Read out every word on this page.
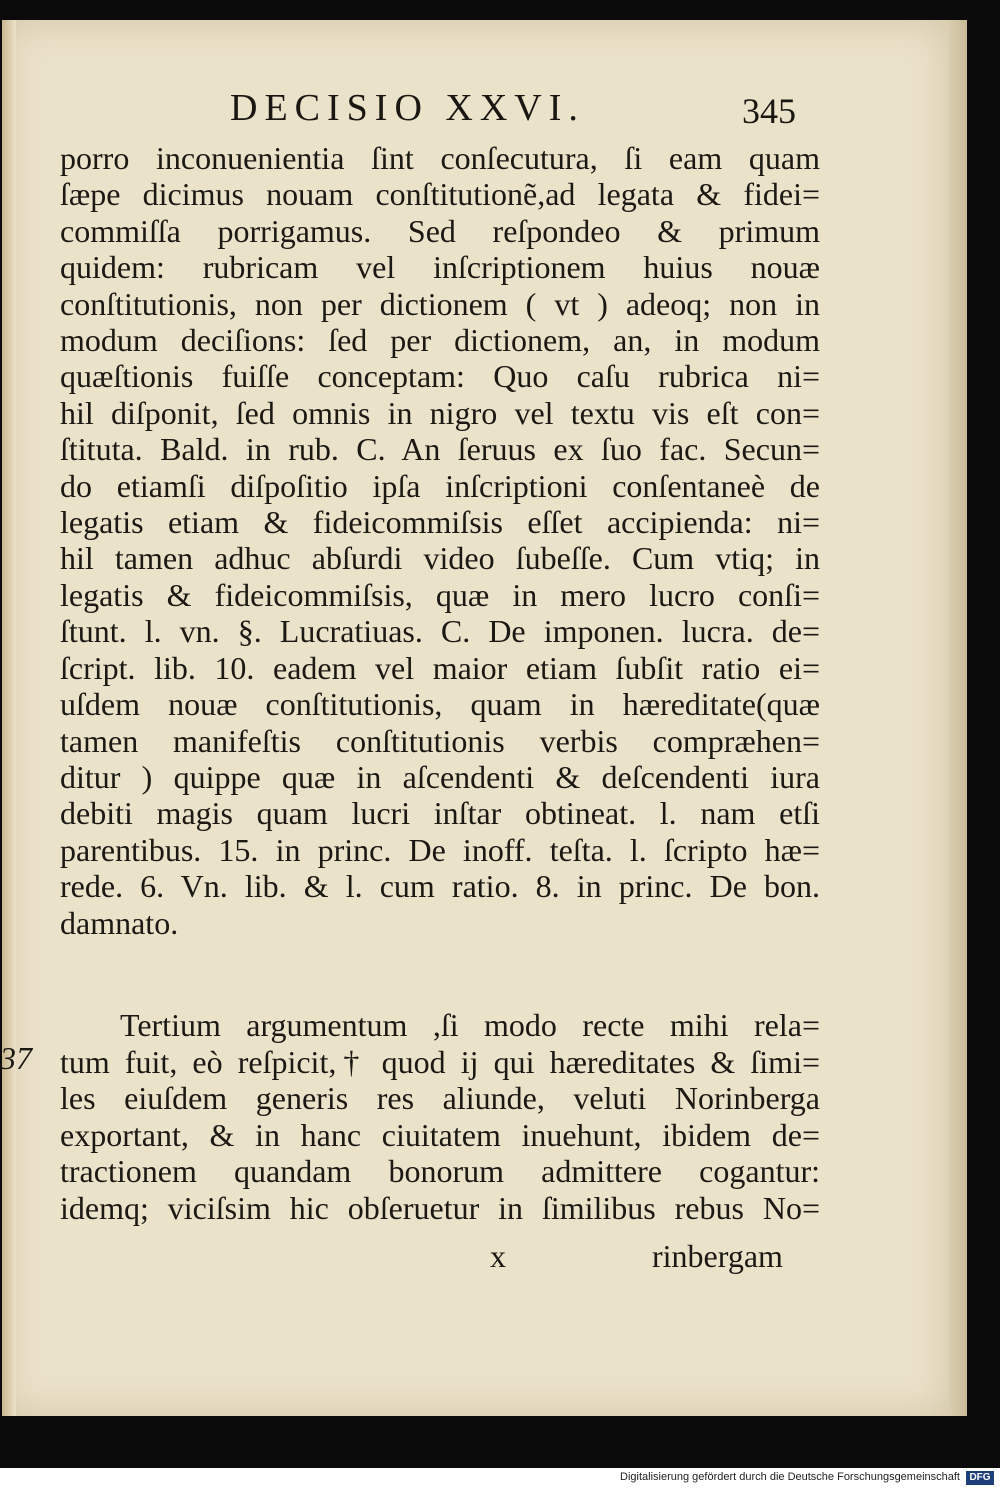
DECISIO XXVI.	345
porro inconuenientia ſint conſecutura, ſi eam quam
ſæpe dicimus nouam conſtitutionẽ,ad legata & fidei=
commiſſa porrigamus. Sed reſpondeo & primum
quidem: rubricam vel inſcriptionem huius nouæ
conſtitutionis, non per dictionem ( vt ) adeoq; non in
modum deciſions: ſed per dictionem, an, in modum
quæſtionis fuiſſe conceptam: Quo caſu rubrica ni=
hil diſponit, ſed omnis in nigro vel textu vis eſt con=
ſtituta. Bald. in rub. C. An ſeruus ex ſuo fac. Secun=
do etiamſi diſpoſitio ipſa inſcriptioni conſentaneè de
legatis etiam & fideicommiſsis eſſet accipienda: ni=
hil tamen adhuc abſurdi video ſubeſſe. Cum vtiq; in
legatis & fideicommiſsis, quæ in mero lucro conſi=
ſtunt. l. vn. §. Lucratiuas. C. De imponen. lucra. de=
ſcript. lib. 10. eadem vel maior etiam ſubſit ratio ei=
uſdem nouæ conſtitutionis, quam in hæreditate(quæ
tamen manifeſtis conſtitutionis verbis compræhen=
ditur ) quippe quæ in aſcendenti & deſcendenti iura
debiti magis quam lucri inſtar obtineat. l. nam etſi
parentibus. 15. in princ. De inoff. teſta. l. ſcripto hæ=
rede. 6. Vn. lib. & l. cum ratio. 8. in princ. De bon.
damnato.
37
Tertium argumentum ,ſi modo recte mihi rela=
tum fuit, eò reſpicit,† quod ij qui hæreditates & ſimi=
les eiuſdem generis res aliunde, veluti Norinberga
exportant, & in hanc ciuitatem inuehunt, ibidem de=
tractionem quandam bonorum admittere cogantur:
idemq; viciſsim hic obſeruetur in ſimilibus rebus No=
x	rinbergam
Digitalisierung gefördert durch die Deutsche Forschungsgemeinschaft DFG
